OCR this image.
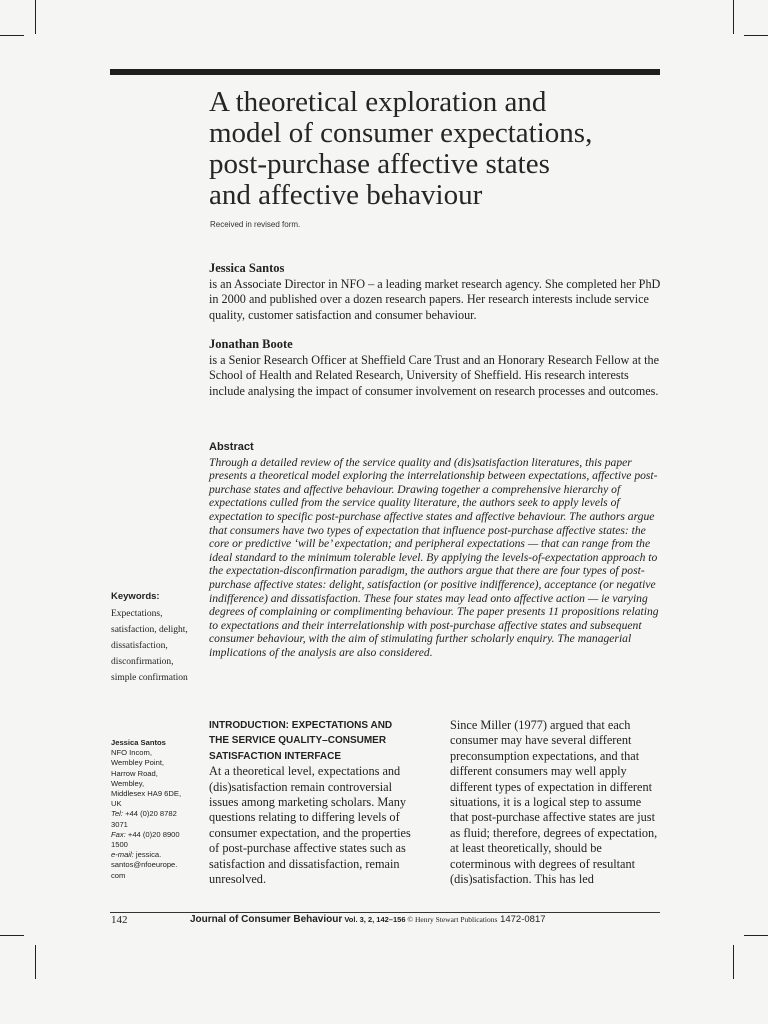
A theoretical exploration and
model of consumer expectations,
post-purchase affective states
and affective behaviour
Received in revised form.
Jessica Santos
is an Associate Director in NFO – a leading market research agency. She completed her PhD in 2000 and published over a dozen research papers. Her research interests include service quality, customer satisfaction and consumer behaviour.
Jonathan Boote
is a Senior Research Officer at Sheffield Care Trust and an Honorary Research Fellow at the School of Health and Related Research, University of Sheffield. His research interests include analysing the impact of consumer involvement on research processes and outcomes.
Abstract
Through a detailed review of the service quality and (dis)satisfaction literatures, this paper presents a theoretical model exploring the interrelationship between expectations, affective post-purchase states and affective behaviour. Drawing together a comprehensive hierarchy of expectations culled from the service quality literature, the authors seek to apply levels of expectation to specific post-purchase affective states and affective behaviour. The authors argue that consumers have two types of expectation that influence post-purchase affective states: the core or predictive ‘will be’ expectation; and peripheral expectations — that can range from the ideal standard to the minimum tolerable level. By applying the levels-of-expectation approach to the expectation-disconfirmation paradigm, the authors argue that there are four types of post-purchase affective states: delight, satisfaction (or positive indifference), acceptance (or negative indifference) and dissatisfaction. These four states may lead onto affective action — ie varying degrees of complaining or complimenting behaviour. The paper presents 11 propositions relating to expectations and their interrelationship with post-purchase affective states and subsequent consumer behaviour, with the aim of stimulating further scholarly enquiry. The managerial implications of the analysis are also considered.
Keywords:
Expectations,
satisfaction, delight,
dissatisfaction,
disconfirmation,
simple confirmation
Jessica Santos
NFO Incom,
Wembley Point,
Harrow Road,
Wembley,
Middlesex HA9 6DE,
UK
Tel: +44 (0)20 8782
3071
Fax: +44 (0)20 8900
1500
e-mail: jessica.
santos@nfoeurope.
com
INTRODUCTION: EXPECTATIONS AND
THE SERVICE QUALITY–CONSUMER
SATISFACTION INTERFACE
At a theoretical level, expectations and (dis)satisfaction remain controversial issues among marketing scholars. Many questions relating to differing levels of consumer expectation, and the properties of post-purchase affective states such as satisfaction and dissatisfaction, remain unresolved.
Since Miller (1977) argued that each consumer may have several different preconsumption expectations, and that different consumers may well apply different types of expectation in different situations, it is a logical step to assume that post-purchase affective states are just as fluid; therefore, degrees of expectation, at least theoretically, should be coterminous with degrees of resultant (dis)satisfaction. This has led
142	Journal of Consumer Behaviour Vol. 3, 2, 142–156 © Henry Stewart Publications 1472-0817
